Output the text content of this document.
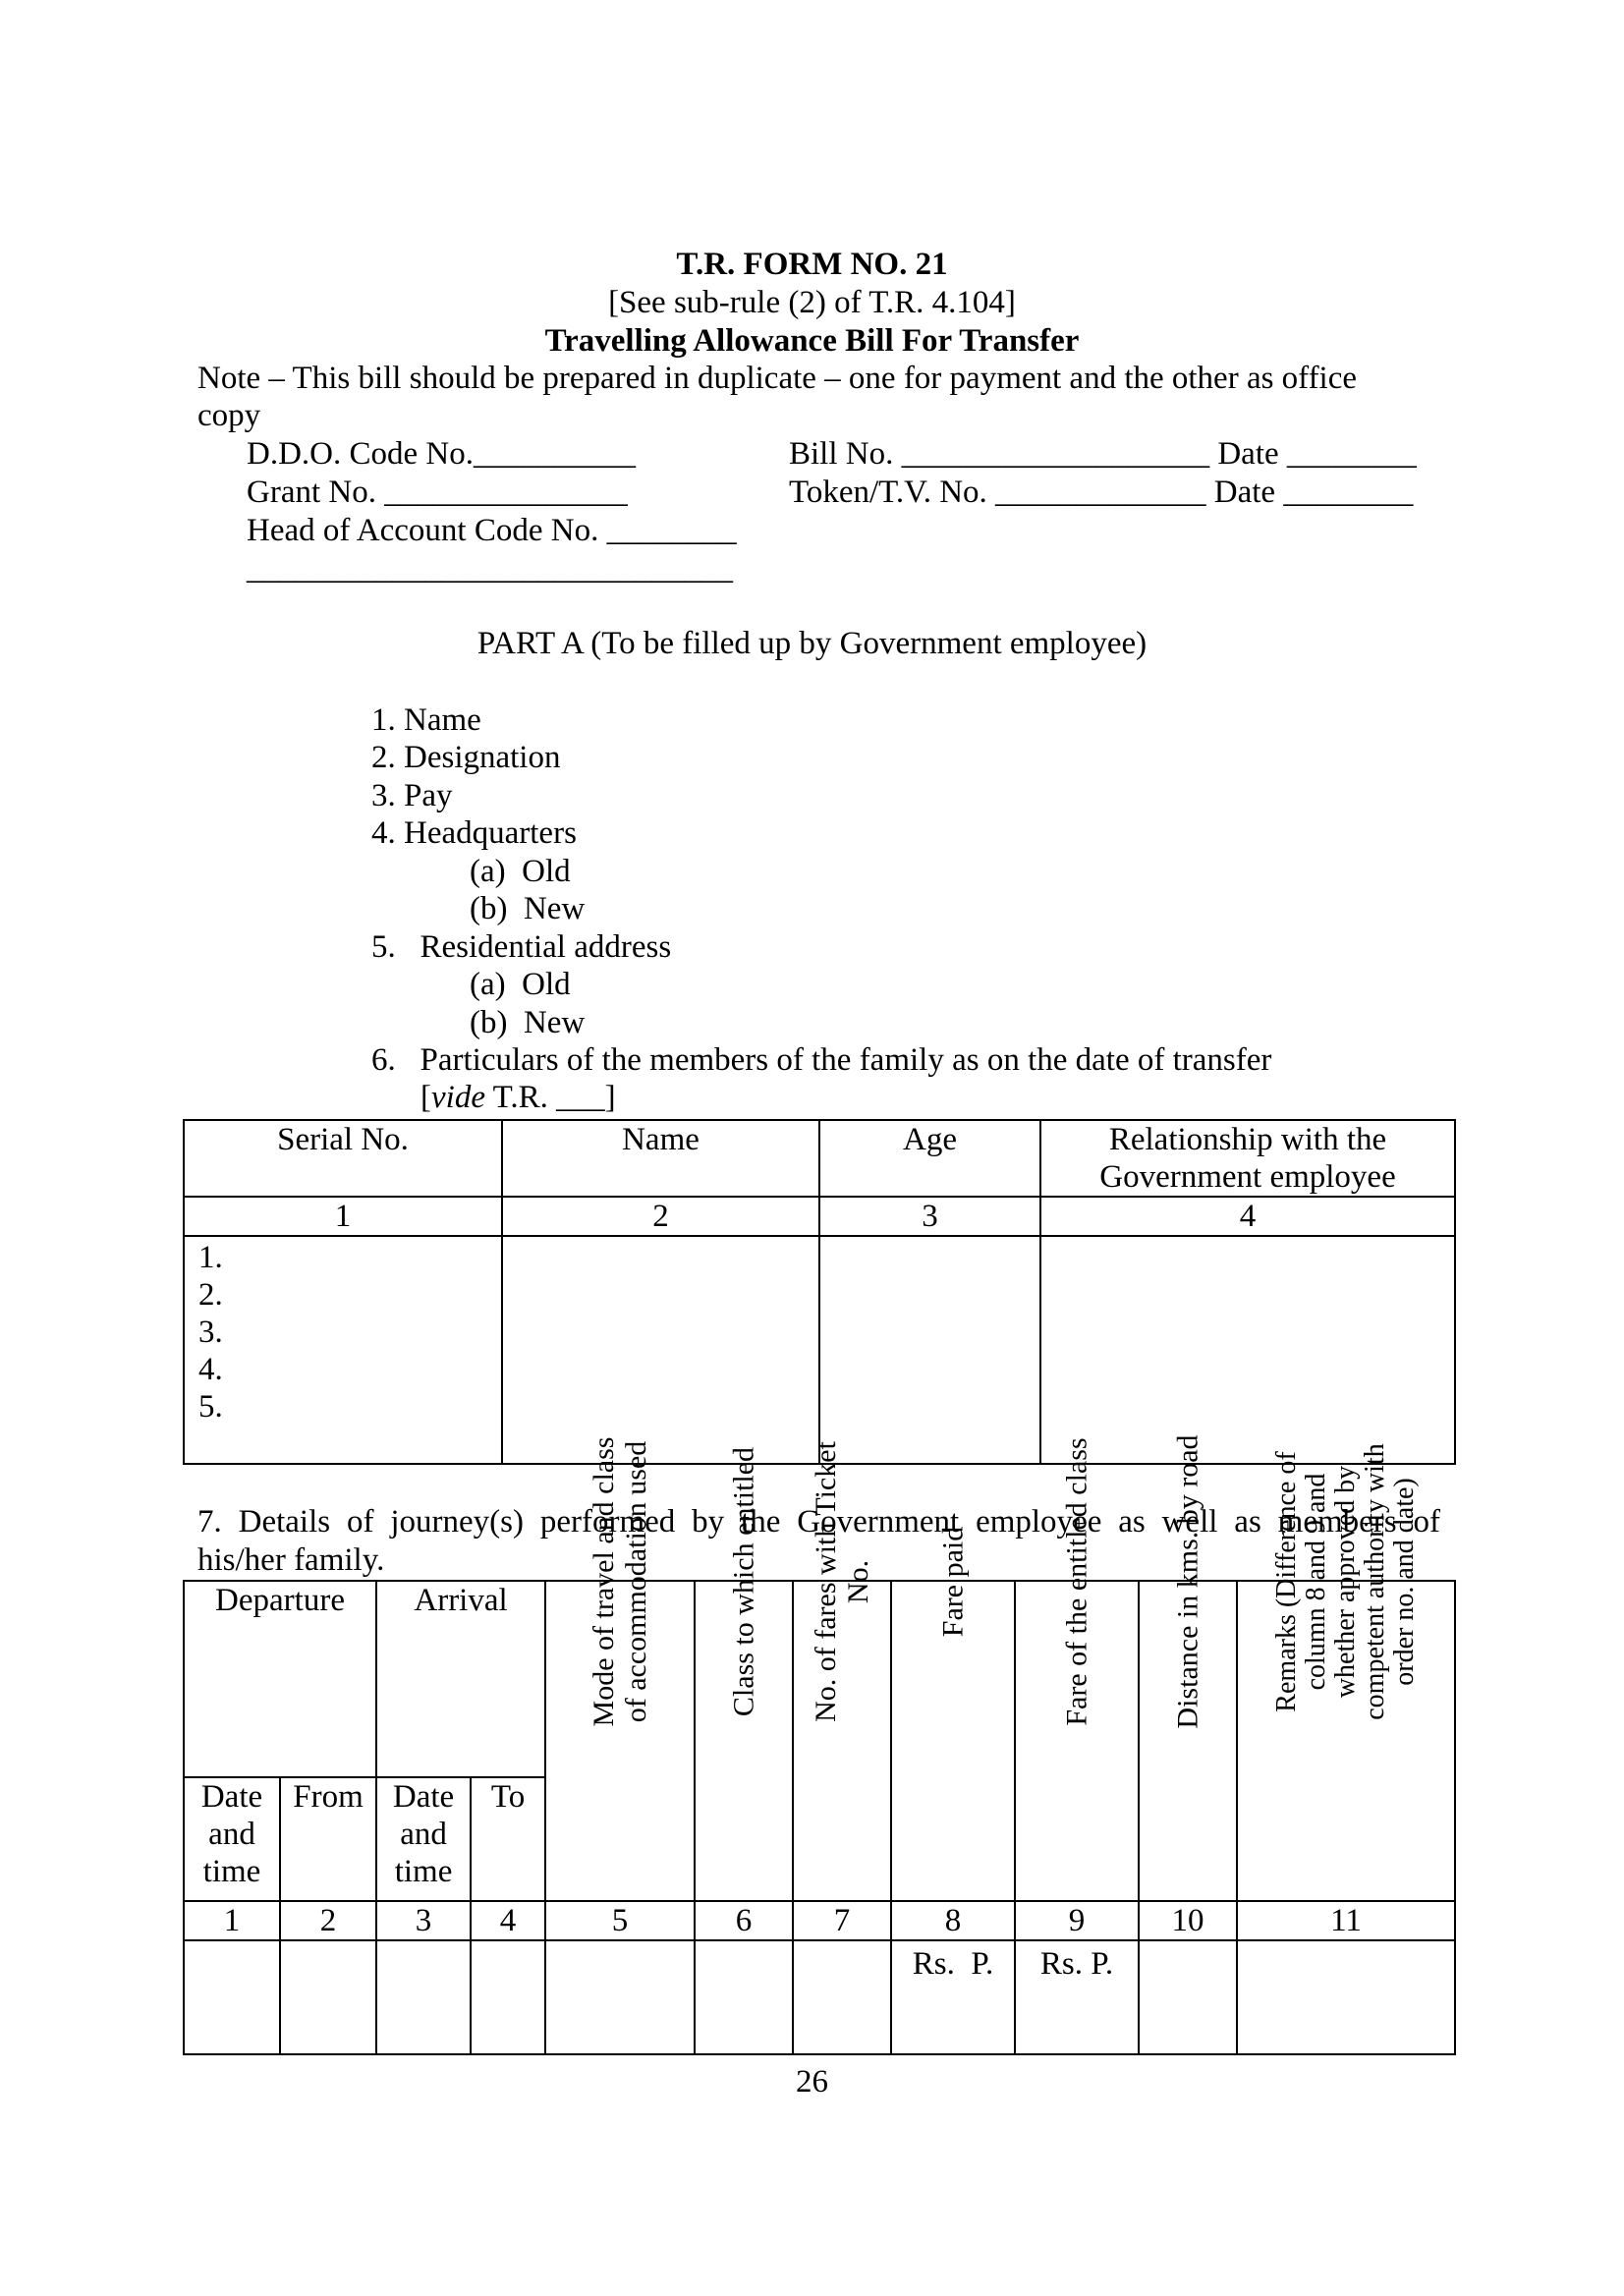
T.R. FORM NO. 21
[See sub-rule (2) of T.R. 4.104]
Travelling Allowance Bill For Transfer
Note – This bill should be prepared in duplicate – one for payment and the other as office
copy
D.D.O. Code No.__________	Bill No. ___________________ Date ________
Grant No. _______________	Token/T.V. No. _____________ Date ________
Head of Account Code No. ________
______________________________
PART A (To be filled up by Government employee)
1. Name
2. Designation
3. Pay
4. Headquarters
(a)  Old
(b)  New
5.   Residential address
(a)  Old
(b)  New
6.   Particulars of the members of the family as on the date of transfer
[vide T.R. ___]
Serial No.	Name	Age	Relationship with the Government employee
1	2	3	4

1.
2.
3.
4.
5.			

7. Details of journey(s) performed by the Government employee as well as members of
his/her family.
Departure		Arrival		Mode of travel and class of accommodation used	Class to which entitled	No. of fares with Ticket No.	Fare paid	Fare of the entitled class	Distance in kms. by road	Remarks (Difference of column 8 and 9 and whether approved by competent authority with order no. and date)

Date and time	From	Date and time	To							
1	2	3	4	5	6	7	8	9	10	11
							Rs.  P.	Rs. P.		
26
